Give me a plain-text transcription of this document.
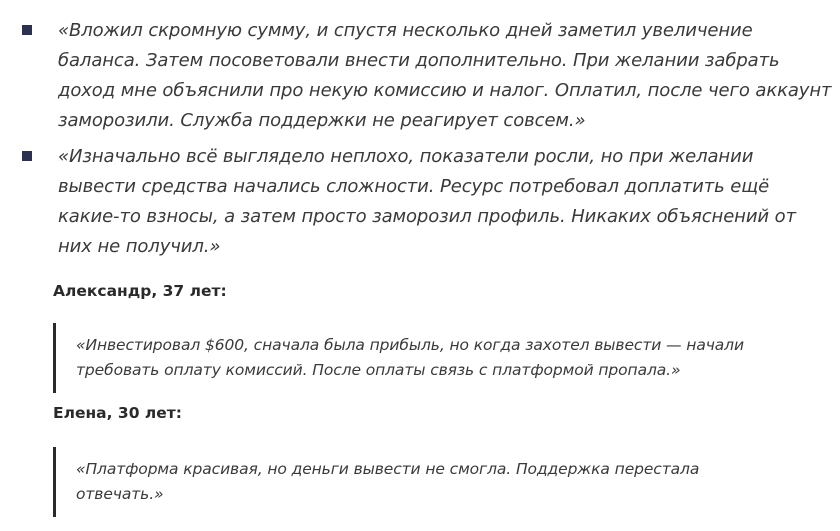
«Вложил скромную сумму, и спустя несколько дней заметил увеличение баланса. Затем посоветовали внести дополнительно. При желании забрать доход мне объяснили про некую комиссию и налог. Оплатил, после чего аккаунт заморозили. Служба поддержки не реагирует совсем.»
«Изначально всё выглядело неплохо, показатели росли, но при желании вывести средства начались сложности. Ресурс потребовал доплатить ещё какие-то взносы, а затем просто заморозил профиль. Никаких объяснений от них не получил.»
Александр, 37 лет:
«Инвестировал $600, сначала была прибыль, но когда захотел вывести — начали требовать оплату комиссий. После оплаты связь с платформой пропала.»
Елена, 30 лет:
«Платформа красивая, но деньги вывести не смогла. Поддержка перестала отвечать.»
